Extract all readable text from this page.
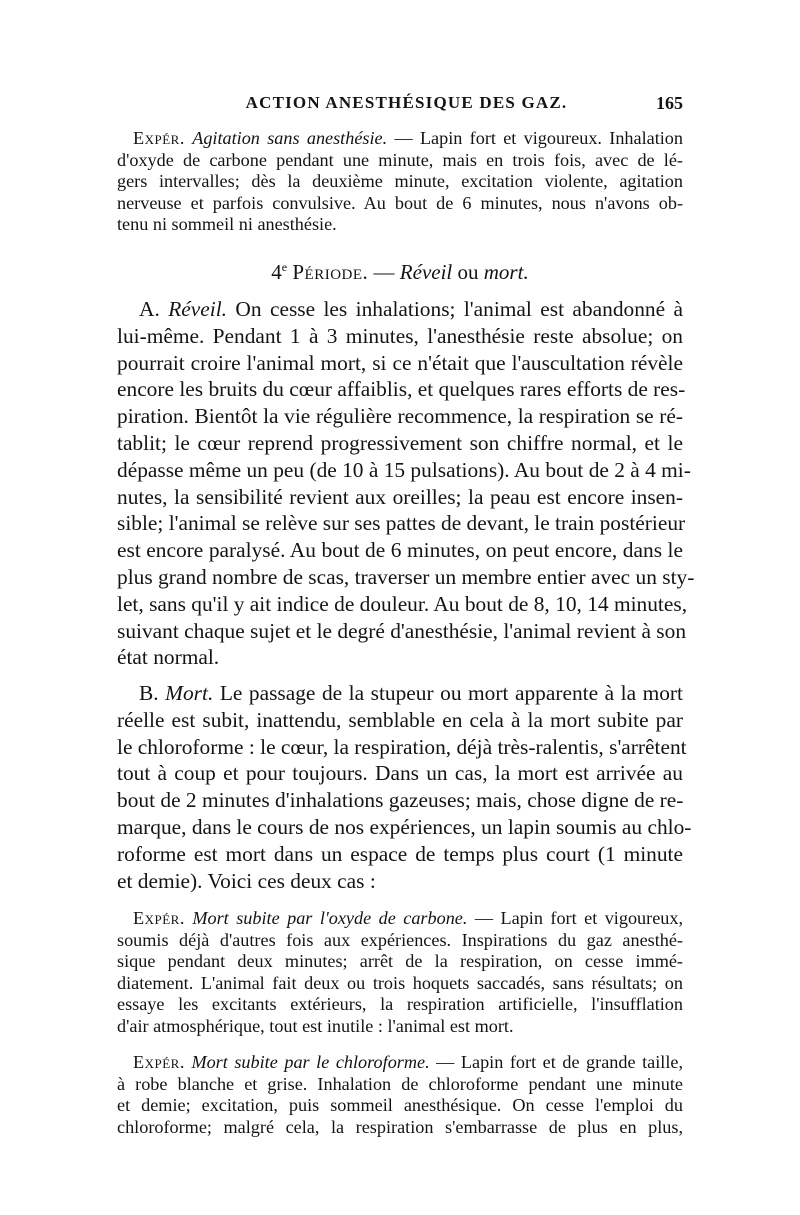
ACTION ANESTHÉSIQUE DES GAZ.	165

Expér. Agitation sans anesthésie. — Lapin fort et vigoureux. Inhalation
d'oxyde de carbone pendant une minute, mais en trois fois, avec de lé-
gers intervalles; dès la deuxième minute, excitation violente, agitation
nerveuse et parfois convulsive. Au bout de 6 minutes, nous n'avons ob-
tenu ni sommeil ni anesthésie.

4e Période. — Réveil ou mort.

A. Réveil. On cesse les inhalations; l'animal est abandonné à
lui-même. Pendant 1 à 3 minutes, l'anesthésie reste absolue; on
pourrait croire l'animal mort, si ce n'était que l'auscultation révèle
encore les bruits du cœur affaiblis, et quelques rares efforts de res-
piration. Bientôt la vie régulière recommence, la respiration se ré-
tablit; le cœur reprend progressivement son chiffre normal, et le
dépasse même un peu (de 10 à 15 pulsations). Au bout de 2 à 4 mi-
nutes, la sensibilité revient aux oreilles; la peau est encore insen-
sible; l'animal se relève sur ses pattes de devant, le train postérieur
est encore paralysé. Au bout de 6 minutes, on peut encore, dans le
plus grand nombre de scas, traverser un membre entier avec un sty-
let, sans qu'il y ait indice de douleur. Au bout de 8, 10, 14 minutes,
suivant chaque sujet et le degré d'anesthésie, l'animal revient à son
état normal.

B. Mort. Le passage de la stupeur ou mort apparente à la mort
réelle est subit, inattendu, semblable en cela à la mort subite par
le chloroforme : le cœur, la respiration, déjà très-ralentis, s'arrêtent
tout à coup et pour toujours. Dans un cas, la mort est arrivée au
bout de 2 minutes d'inhalations gazeuses; mais, chose digne de re-
marque, dans le cours de nos expériences, un lapin soumis au chlo-
roforme est mort dans un espace de temps plus court (1 minute
et demie). Voici ces deux cas :

Expér. Mort subite par l'oxyde de carbone. — Lapin fort et vigoureux,
soumis déjà d'autres fois aux expériences. Inspirations du gaz anesthé-
sique pendant deux minutes; arrêt de la respiration, on cesse immé-
diatement. L'animal fait deux ou trois hoquets saccadés, sans résultats; on
essaye les excitants extérieurs, la respiration artificielle, l'insufflation
d'air atmosphérique, tout est inutile : l'animal est mort.

Expér. Mort subite par le chloroforme. — Lapin fort et de grande taille,
à robe blanche et grise. Inhalation de chloroforme pendant une minute
et demie; excitation, puis sommeil anesthésique. On cesse l'emploi du
chloroforme; malgré cela, la respiration s'embarrasse de plus en plus,
